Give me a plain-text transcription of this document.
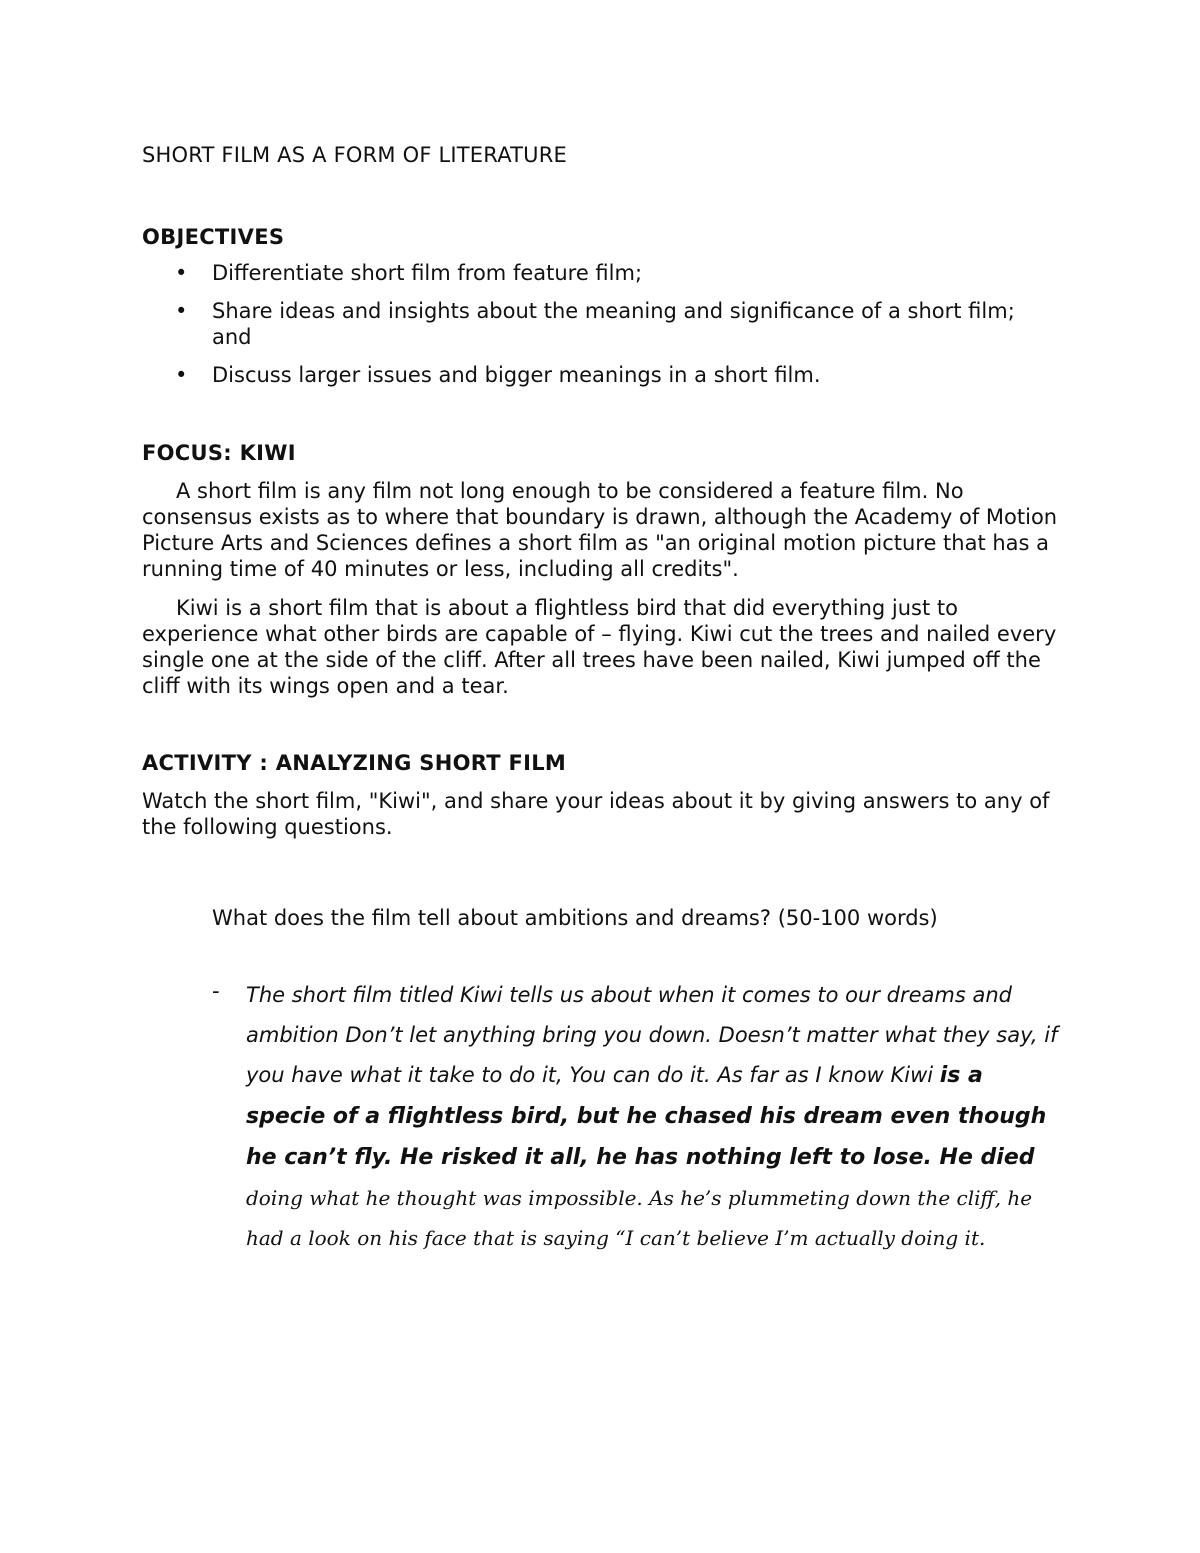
SHORT FILM AS A FORM OF LITERATURE
OBJECTIVES
• Differentiate short film from feature film;
• Share ideas and insights about the meaning and significance of a short film; and
• Discuss larger issues and bigger meanings in a short film.
FOCUS: KIWI

A short film is any film not long enough to be considered a feature film. No consensus exists as to where that boundary is drawn, although the Academy of Motion Picture Arts and Sciences defines a short film as "an original motion picture that has a running time of 40 minutes or less, including all credits".

Kiwi is a short film that is about a flightless bird that did everything just to experience what other birds are capable of – flying. Kiwi cut the trees and nailed every single one at the side of the cliff. After all trees have been nailed, Kiwi jumped off the cliff with its wings open and a tear.

ACTIVITY : ANALYZING SHORT FILM

Watch the short film, "Kiwi", and share your ideas about it by giving answers to any of the following questions.

What does the film tell about ambitions and dreams? (50-100 words)
- The short film titled Kiwi tells us about when it comes to our dreams and ambition Don’t let anything bring you down. Doesn’t matter what they say, if you have what it take to do it, You can do it. As far as I know Kiwi is a specie of a flightless bird, but he chased his dream even though he can’t fly. He risked it all, he has nothing left to lose. He died doing what he thought was impossible. As he’s plummeting down the cliff, he had a look on his face that is saying “I can’t believe I’m actually doing it.
